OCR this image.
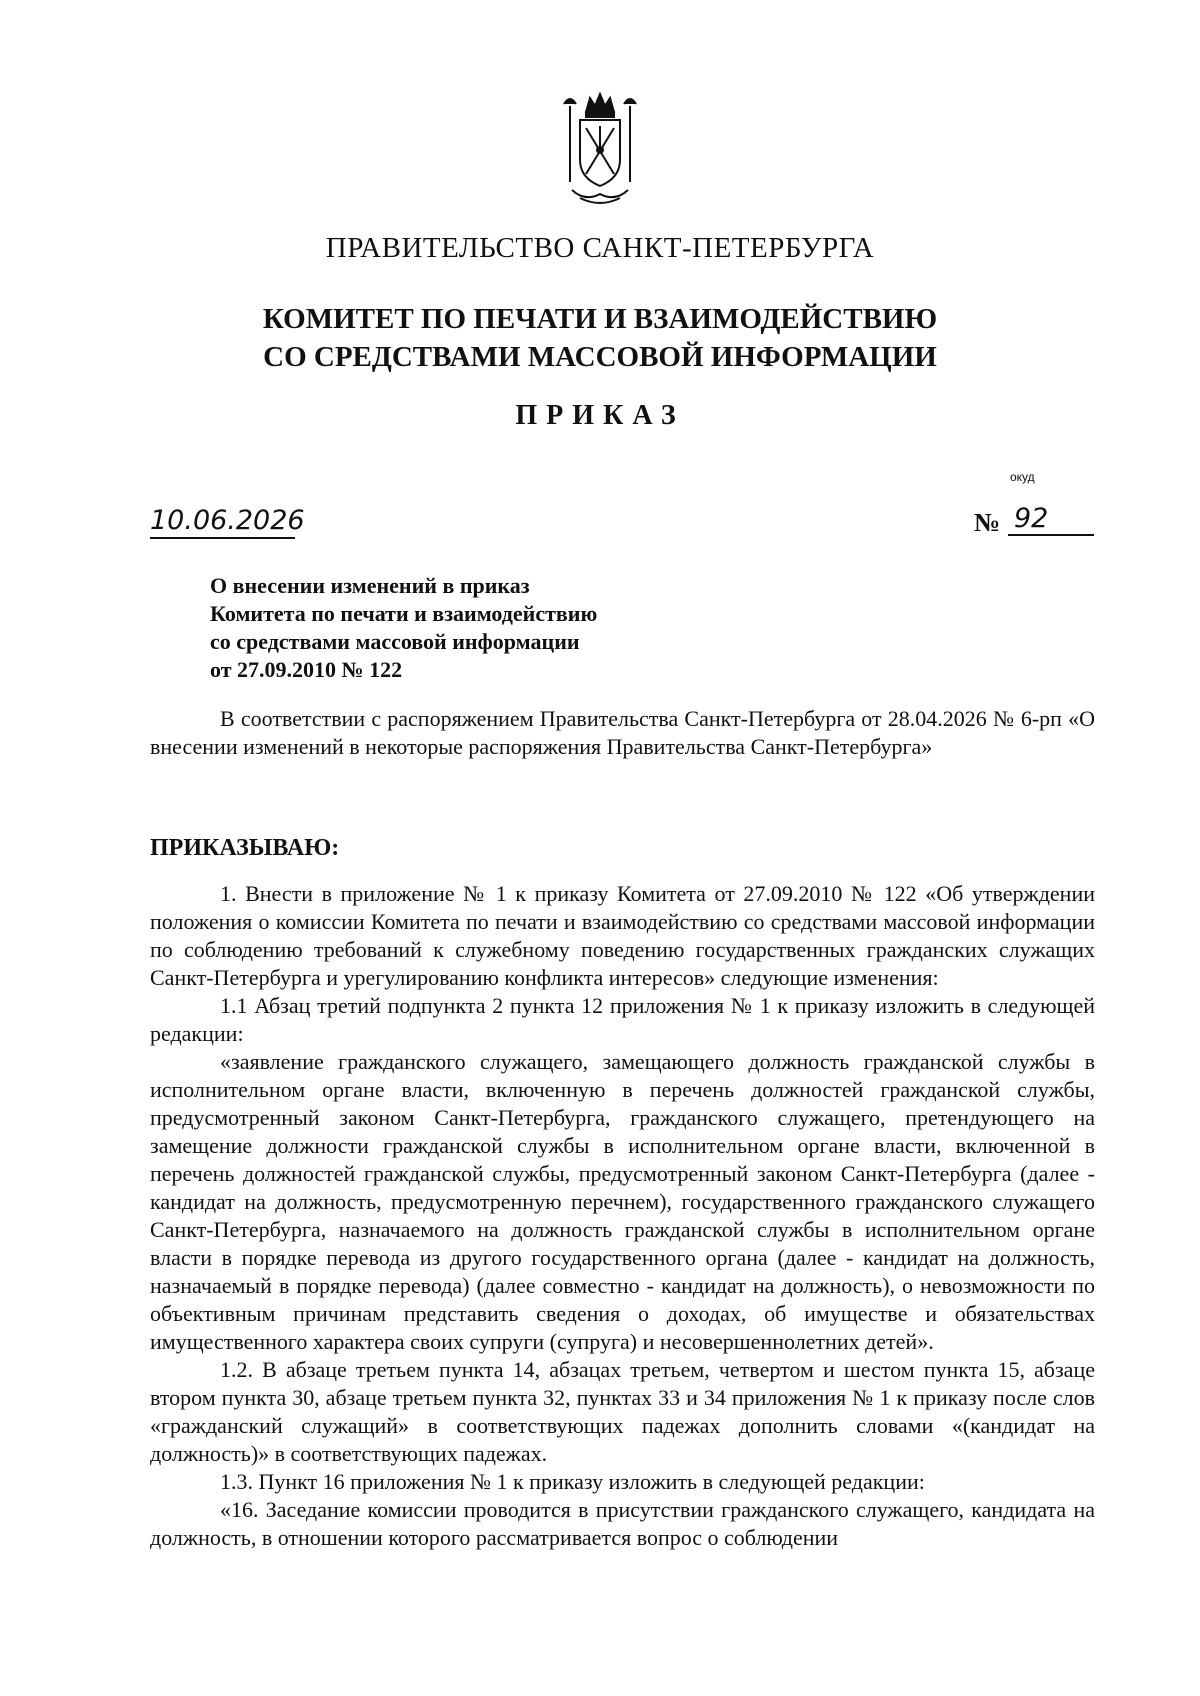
ПРАВИТЕЛЬСТВО САНКТ-ПЕТЕРБУРГА
КОМИТЕТ ПО ПЕЧАТИ И ВЗАИМОДЕЙСТВИЮ
СО СРЕДСТВАМИ МАССОВОЙ ИНФОРМАЦИИ
ПРИКАЗ
окуд
10.06.2026	№ 92
О внесении изменений в приказ
Комитета по печати и взаимодействию
со средствами массовой информации
от 27.09.2010 № 122

В соответствии с распоряжением Правительства Санкт-Петербурга от 28.04.2026 № 6-рп «О внесении изменений в некоторые распоряжения Правительства Санкт-Петербурга»

ПРИКАЗЫВАЮ:

1. Внести в приложение № 1 к приказу Комитета от 27.09.2010 № 122 «Об утверждении положения о комиссии Комитета по печати и взаимодействию со средствами массовой информации по соблюдению требований к служебному поведению государственных гражданских служащих Санкт-Петербурга и урегулированию конфликта интересов» следующие изменения:

1.1 Абзац третий подпункта 2 пункта 12 приложения № 1 к приказу изложить в следующей редакции:

«заявление гражданского служащего, замещающего должность гражданской службы в исполнительном органе власти, включенную в перечень должностей гражданской службы, предусмотренный законом Санкт-Петербурга, гражданского служащего, претендующего на замещение должности гражданской службы в исполнительном органе власти, включенной в перечень должностей гражданской службы, предусмотренный законом Санкт-Петербурга (далее - кандидат на должность, предусмотренную перечнем), государственного гражданского служащего Санкт-Петербурга, назначаемого на должность гражданской службы в исполнительном органе власти в порядке перевода из другого государственного органа (далее - кандидат на должность, назначаемый в порядке перевода) (далее совместно - кандидат на должность), о невозможности по объективным причинам представить сведения о доходах, об имуществе и обязательствах имущественного характера своих супруги (супруга) и несовершеннолетних детей».

1.2. В абзаце третьем пункта 14, абзацах третьем, четвертом и шестом пункта 15, абзаце втором пункта 30, абзаце третьем пункта 32, пунктах 33 и 34 приложения № 1 к приказу после слов «гражданский служащий» в соответствующих падежах дополнить словами «(кандидат на должность)» в соответствующих падежах.

1.3. Пункт 16 приложения № 1 к приказу изложить в следующей редакции:

«16. Заседание комиссии проводится в присутствии гражданского служащего, кандидата на должность, в отношении которого рассматривается вопрос о соблюдении
